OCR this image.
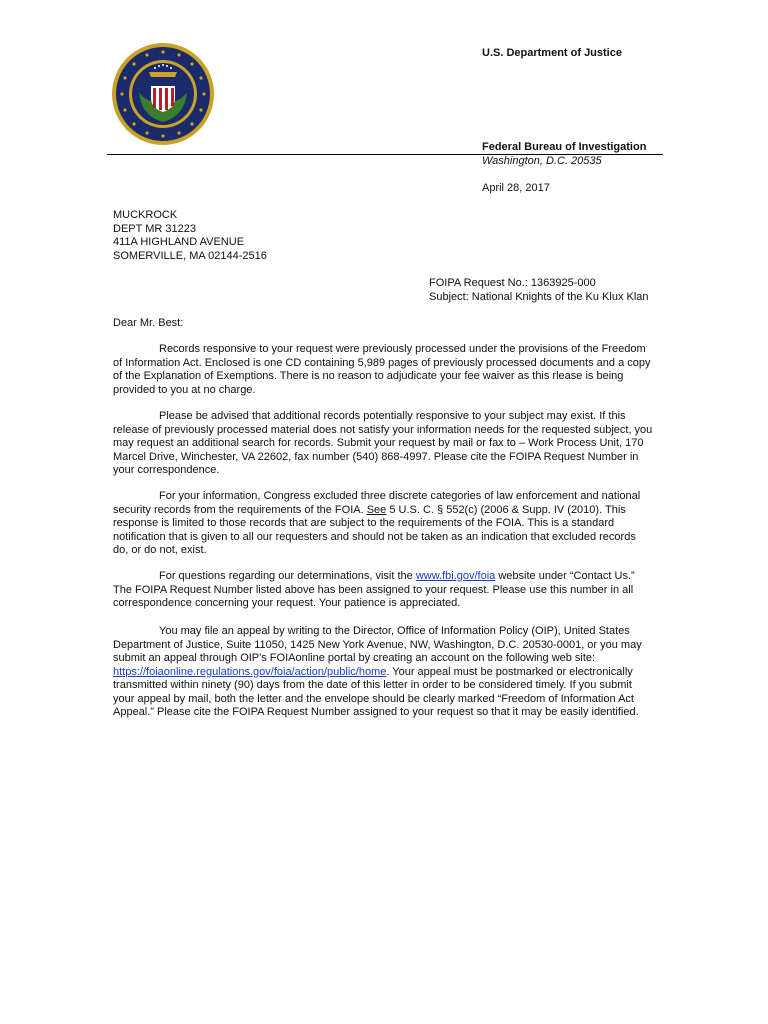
U.S. Department of Justice
Federal Bureau of Investigation
Washington, D.C. 20535
April 28, 2017
MUCKROCK
DEPT MR 31223
411A HIGHLAND AVENUE
SOMERVILLE, MA 02144-2516
FOIPA Request No.: 1363925-000
Subject: National Knights of the Ku Klux Klan
Dear Mr. Best:

Records responsive to your request were previously processed under the provisions of the Freedom of Information Act. Enclosed is one CD containing 5,989 pages of previously processed documents and a copy of the Explanation of Exemptions. There is no reason to adjudicate your fee waiver as this rlease is being provided to you at no charge.

Please be advised that additional records potentially responsive to your subject may exist. If this release of previously processed material does not satisfy your information needs for the requested subject, you may request an additional search for records. Submit your request by mail or fax to – Work Process Unit, 170 Marcel Drive, Winchester, VA 22602, fax number (540) 868-4997. Please cite the FOIPA Request Number in your correspondence.

For your information, Congress excluded three discrete categories of law enforcement and national security records from the requirements of the FOIA. See 5 U.S. C. § 552(c) (2006 & Supp. IV (2010). This response is limited to those records that are subject to the requirements of the FOIA. This is a standard notification that is given to all our requesters and should not be taken as an indication that excluded records do, or do not, exist.

For questions regarding our determinations, visit the www.fbi.gov/foia website under “Contact Us.” The FOIPA Request Number listed above has been assigned to your request. Please use this number in all correspondence concerning your request. Your patience is appreciated.

You may file an appeal by writing to the Director, Office of Information Policy (OIP), United States Department of Justice, Suite 11050, 1425 New York Avenue, NW, Washington, D.C. 20530-0001, or you may submit an appeal through OIP's FOIAonline portal by creating an account on the following web site: https://foiaonline.regulations.gov/foia/action/public/home. Your appeal must be postmarked or electronically transmitted within ninety (90) days from the date of this letter in order to be considered timely. If you submit your appeal by mail, both the letter and the envelope should be clearly marked “Freedom of Information Act Appeal.” Please cite the FOIPA Request Number assigned to your request so that it may be easily identified.
